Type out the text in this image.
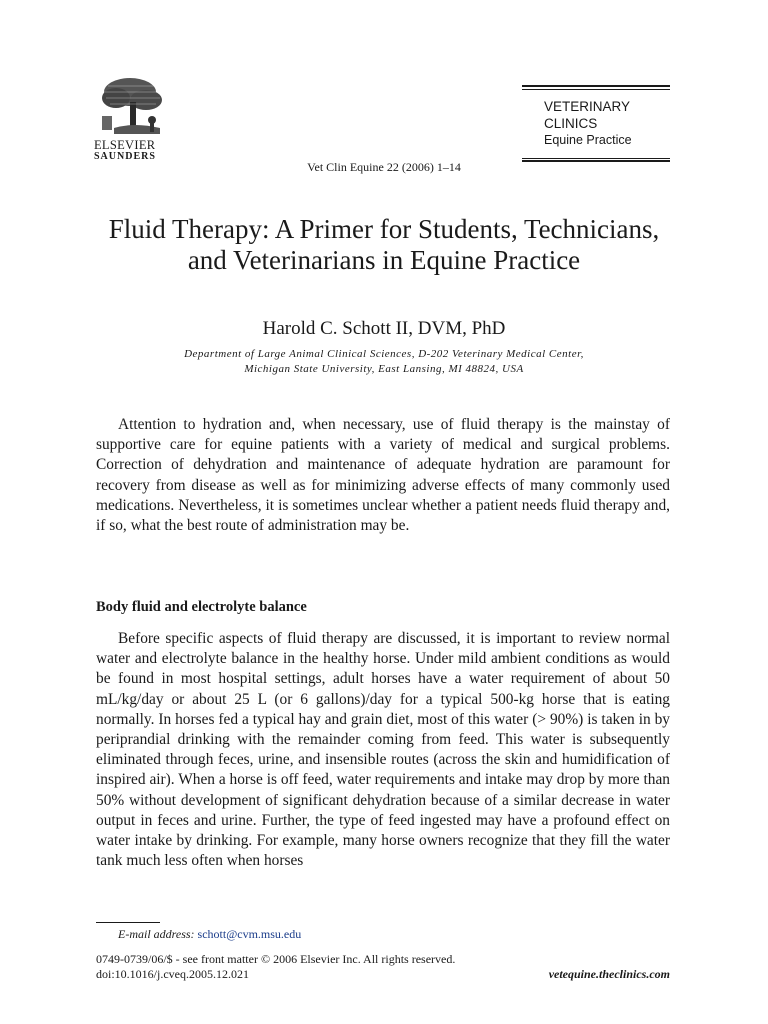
ELSEVIER
SAUNDERS
Vet Clin Equine 22 (2006) 1–14
VETERINARY
CLINICS
Equine Practice
Fluid Therapy: A Primer for Students, Technicians, and Veterinarians in Equine Practice
Harold C. Schott II, DVM, PhD
Department of Large Animal Clinical Sciences, D-202 Veterinary Medical Center,
Michigan State University, East Lansing, MI 48824, USA
Attention to hydration and, when necessary, use of fluid therapy is the mainstay of supportive care for equine patients with a variety of medical and surgical problems. Correction of dehydration and maintenance of adequate hydration are paramount for recovery from disease as well as for minimizing adverse effects of many commonly used medications. Nevertheless, it is sometimes unclear whether a patient needs fluid therapy and, if so, what the best route of administration may be.
Body fluid and electrolyte balance
Before specific aspects of fluid therapy are discussed, it is important to review normal water and electrolyte balance in the healthy horse. Under mild ambient conditions as would be found in most hospital settings, adult horses have a water requirement of about 50 mL/kg/day or about 25 L (or 6 gallons)/day for a typical 500-kg horse that is eating normally. In horses fed a typical hay and grain diet, most of this water (> 90%) is taken in by periprandial drinking with the remainder coming from feed. This water is subsequently eliminated through feces, urine, and insensible routes (across the skin and humidification of inspired air). When a horse is off feed, water requirements and intake may drop by more than 50% without development of significant dehydration because of a similar decrease in water output in feces and urine. Further, the type of feed ingested may have a profound effect on water intake by drinking. For example, many horse owners recognize that they fill the water tank much less often when horses
E-mail address: schott@cvm.msu.edu
0749-0739/06/$ - see front matter © 2006 Elsevier Inc. All rights reserved.
doi:10.1016/j.cveq.2005.12.021	vetequine.theclinics.com
